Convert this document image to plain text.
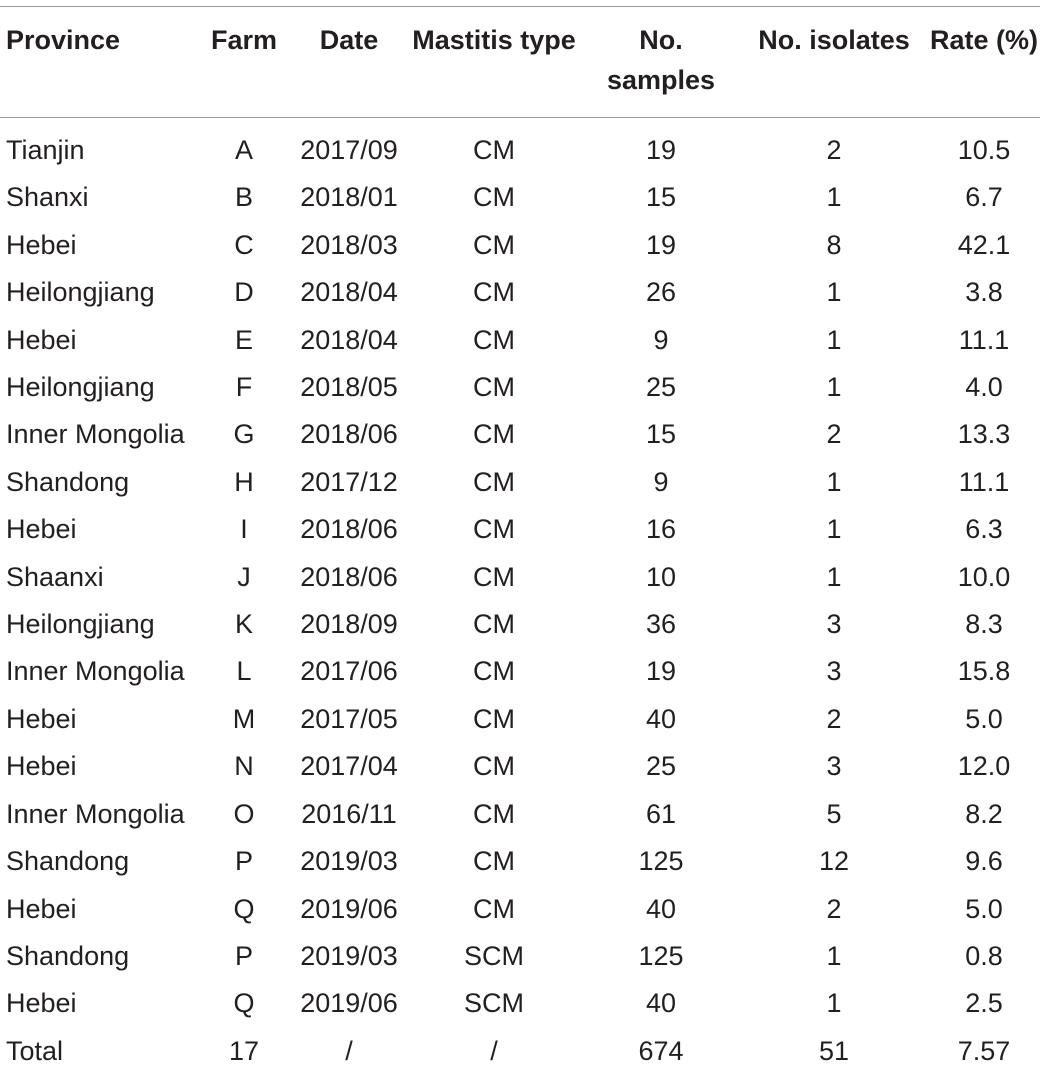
Province	Farm	Date	Mastitis type	No. samples	No. isolates	Rate (%)
Tianjin	A	2017/09	CM	19	2	10.5
Shanxi	B	2018/01	CM	15	1	6.7
Hebei	C	2018/03	CM	19	8	42.1
Heilongjiang	D	2018/04	CM	26	1	3.8
Hebei	E	2018/04	CM	9	1	11.1
Heilongjiang	F	2018/05	CM	25	1	4.0
Inner Mongolia	G	2018/06	CM	15	2	13.3
Shandong	H	2017/12	CM	9	1	11.1
Hebei	I	2018/06	CM	16	1	6.3
Shaanxi	J	2018/06	CM	10	1	10.0
Heilongjiang	K	2018/09	CM	36	3	8.3
Inner Mongolia	L	2017/06	CM	19	3	15.8
Hebei	M	2017/05	CM	40	2	5.0
Hebei	N	2017/04	CM	25	3	12.0
Inner Mongolia	O	2016/11	CM	61	5	8.2
Shandong	P	2019/03	CM	125	12	9.6
Hebei	Q	2019/06	CM	40	2	5.0
Shandong	P	2019/03	SCM	125	1	0.8
Hebei	Q	2019/06	SCM	40	1	2.5
Total	17	/	/	674	51	7.57
